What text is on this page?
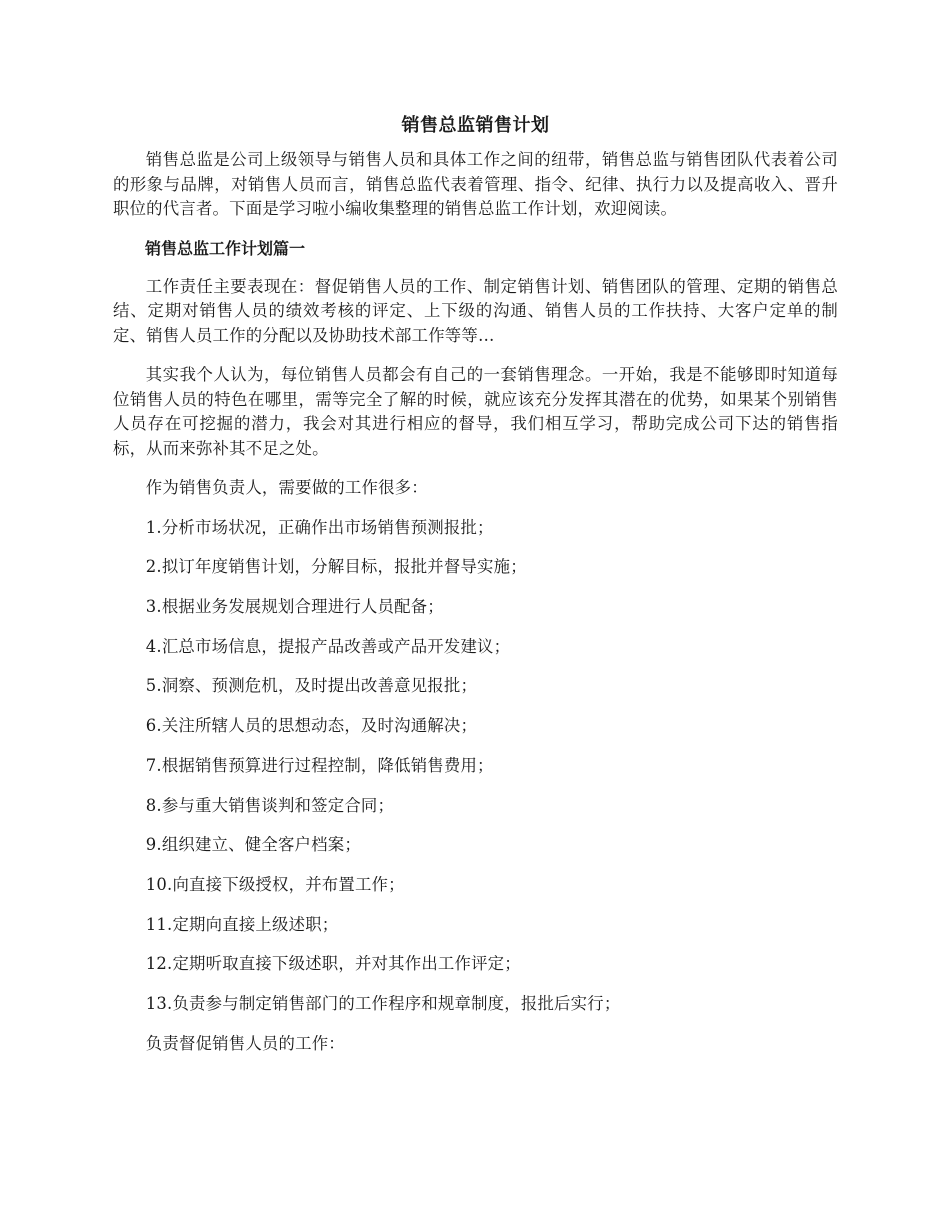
销售总监销售计划

销售总监是公司上级领导与销售人员和具体工作之间的纽带，销售总监与销售团队代表着公司的形象与品牌，对销售人员而言，销售总监代表着管理、指令、纪律、执行力以及提高收入、晋升职位的代言者。下面是学习啦小编收集整理的销售总监工作计划，欢迎阅读。

销售总监工作计划篇一

工作责任主要表现在：督促销售人员的工作、制定销售计划、销售团队的管理、定期的销售总结、定期对销售人员的绩效考核的评定、上下级的沟通、销售人员的工作扶持、大客户定单的制定、销售人员工作的分配以及协助技术部工作等等…

其实我个人认为，每位销售人员都会有自己的一套销售理念。一开始，我是不能够即时知道每位销售人员的特色在哪里，需等完全了解的时候，就应该充分发挥其潜在的优势，如果某个别销售人员存在可挖掘的潜力，我会对其进行相应的督导，我们相互学习，帮助完成公司下达的销售指标，从而来弥补其不足之处。

作为销售负责人，需要做的工作很多：

1.分析市场状况，正确作出市场销售预测报批；

2.拟订年度销售计划，分解目标，报批并督导实施；

3.根据业务发展规划合理进行人员配备；

4.汇总市场信息，提报产品改善或产品开发建议；

5.洞察、预测危机，及时提出改善意见报批；

6.关注所辖人员的思想动态，及时沟通解决；

7.根据销售预算进行过程控制，降低销售费用；

8.参与重大销售谈判和签定合同；

9.组织建立、健全客户档案；

10.向直接下级授权，并布置工作；

11.定期向直接上级述职；

12.定期听取直接下级述职，并对其作出工作评定；

13.负责参与制定销售部门的工作程序和规章制度，报批后实行；

负责督促销售人员的工作：
